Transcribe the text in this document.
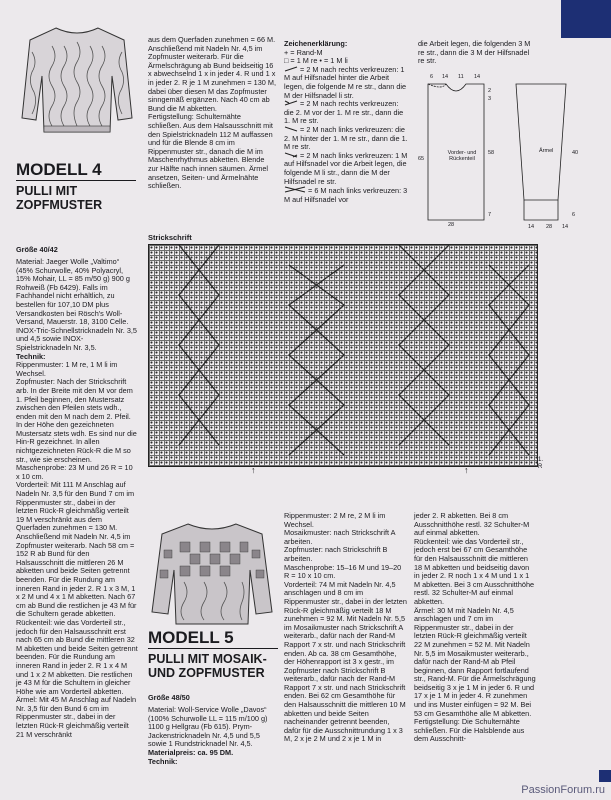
MODELL 4
PULLI MIT ZOPFMUSTER
Größe 40/42

Material: Jaeger Wolle „Valtimo“ (45% Schurwolle, 40% Polyacryl, 15% Mohair, LL = 85 m/50 g) 900 g Rohweiß (Fb 6429). Falls im Fachhandel nicht erhältlich, zu bestellen für 107,10 DM plus Versandkosten bei Rösch's Woll-Versand, Mauerstr. 18, 3100 Celle. INOX-Tric-Schnellstricknadeln Nr. 3,5 und 4,5 sowie INOX-Spielstricknadeln Nr. 3,5.

Technik:

Rippenmuster: 1 M re, 1 M li im Wechsel.

Zopfmuster: Nach der Strickschrift arb. In der Breite mit den M vor dem 1. Pfeil beginnen, den Mustersatz zwischen den Pfeilen stets wdh., enden mit den M nach dem 2. Pfeil. In der Höhe den gezeichneten Mustersatz stets wdh. Es sind nur die Hin-R gezeichnet. In allen nichtgezeichneten Rück-R die M so str., wie sie erscheinen.

Maschenprobe: 23 M und 26 R = 10 x 10 cm.

Vorderteil: Mit 111 M Anschlag auf Nadeln Nr. 3,5 für den Bund 7 cm im Rippenmuster str., dabei in der letzten Rück-R gleichmäßig verteilt 19 M verschränkt aus dem Querfaden zunehmen = 130 M. Anschließend mit Nadeln Nr. 4,5 im Zopfmuster weiterarb. Nach 58 cm = 152 R ab Bund für den Halsausschnitt die mittleren 26 M abketten und beide Seiten getrennt beenden. Für die Rundung am inneren Rand in jeder 2. R 1 x 3 M, 1 x 2 M und 4 x 1 M abketten. Nach 67 cm ab Bund die restlichen je 43 M für die Schultern gerade abketten.

Rückenteil: wie das Vorderteil str., jedoch für den Halsausschnitt erst nach 65 cm ab Bund die mittleren 32 M abketten und beide Seiten getrennt beenden. Für die Rundung am inneren Rand in jeder 2. R 1 x 4 M und 1 x 2 M abketten. Die restlichen je 43 M für die Schultern in gleicher Höhe wie am Vorderteil abketten.

Ärmel: Mit 45 M Anschlag auf Nadeln Nr. 3,5 für den Bund 6 cm im Rippenmuster str., dabei in der letzten Rück-R gleichmäßig verteilt 21 M verschränkt

aus dem Querfaden zunehmen = 66 M. Anschließend mit Nadeln Nr. 4,5 im Zopfmuster weiterarb. Für die Ärmelschrägung ab Bund beidseitig 16 x abwechselnd 1 x in jeder 4. R und 1 x in jeder 2. R je 1 M zunehmen = 130 M, dabei über diesen M das Zopfmuster sinngemäß ergänzen. Nach 40 cm ab Bund die M abketten.

Fertigstellung: Schulternähte schließen. Aus dem Halsausschnitt mit den Spielstricknadeln 112 M auffassen und für die Blende 8 cm im Rippenmuster str., danach die M im Maschenrhythmus abketten. Blende zur Hälfte nach innen säumen. Ärmel ansetzen, Seiten- und Ärmelnähte schließen.

Zeichenerklärung:

+ = Rand-M

□ = 1 M re • = 1 M li

= 2 M nach rechts verkreuzen: 1 M auf Hilfsnadel hinter die Arbeit legen, die folgende M re str., dann die M der Hilfsnadel li str.

= 2 M nach rechts verkreuzen: die 2. M vor der 1. M re str., dann die 1. M re str.

= 2 M nach links verkreuzen: die 2. M hinter der 1. M re str., dann die 1. M re str.

= 2 M nach links verkreuzen: 1 M auf Hilfsnadel vor die Arbeit legen, die folgende M li str., dann die M der Hilfsnadel re str.

= 6 M nach links verkreuzen: 3 M auf Hilfsnadel vor

die Arbeit legen, die folgenden 3 M re str., dann die 3 M der Hilfsnadel re str.
Vorder- und Rückenteil
Ärmel
6 14 11 14
2
3
65
58
7
28
40
6
14 28 14
Strickschrift
↑	↑
1.
R
MODELL 5
PULLI MIT MOSAIK- UND ZOPFMUSTER
Größe 48/50

Material: Woll-Service Wolle „Davos“ (100% Schurwolle LL = 115 m/100 g) 1100 g Hellgrau (Fb 615). Prym-Jackenstricknadeln Nr. 4,5 und 5,5 sowie 1 Rundstricknadel Nr. 4,5.

Materialpreis: ca. 95 DM.

Technik:

Rippenmuster: 2 M re, 2 M li im Wechsel.

Mosaikmuster: nach Strickschrift A arbeiten.

Zopfmuster: nach Strickschrift B arbeiten.

Maschenprobe: 15–16 M und 19–20 R = 10 x 10 cm.

Vorderteil: 74 M mit Nadeln Nr. 4,5 anschlagen und 8 cm im Rippenmuster str., dabei in der letzten Rück-R gleichmäßig verteilt 18 M zunehmen = 92 M. Mit Nadeln Nr. 5,5 im Mosaikmuster nach Strickschrift A weiterarb., dafür nach der Rand-M Rapport 7 x str. und nach Strickschrift enden. Ab ca. 38 cm Gesamthöhe, der Höhenrapport ist 3 x gestr., im Zopfmuster nach Strickschrift B weiterarb., dafür nach der Rand-M Rapport 7 x str. und nach Strickschrift enden. Bei 62 cm Gesamthöhe für den Halsausschnitt die mittleren 10 M abketten und beide Seiten nacheinander getrennt beenden, dafür für die Ausschnittrundung 1 x 3 M, 2 x je 2 M und 2 x je 1 M in

jeder 2. R abketten. Bei 8 cm Ausschnitthöhe restl. 32 Schulter-M auf einmal abketten.

Rückenteil: wie das Vorderteil str., jedoch erst bei 67 cm Gesamthöhe für den Halsausschnitt die mittleren 18 M abketten und beidseitig davon in jeder 2. R noch 1 x 4 M und 1 x 1 M abketten. Bei 3 cm Ausschnitthöhe restl. 32 Schulter-M auf einmal abketten.

Ärmel: 30 M mit Nadeln Nr. 4,5 anschlagen und 7 cm im Rippenmuster str., dabei in der letzten Rück-R gleichmäßig verteilt 22 M zunehmen = 52 M. Mit Nadeln Nr. 5,5 im Mosaikmuster weiterarb., dafür nach der Rand-M ab Pfeil beginnen, dann Rapport fortlaufend str., Rand-M. Für die Ärmelschrägung beidseitig 3 x je 1 M in jeder 6. R und 17 x je 1 M in jeder 4. R zunehmen und ins Muster einfügen = 92 M. Bei 53 cm Gesamthöhe alle M abketten.

Fertigstellung: Die Schulternähte schließen. Für die Halsblende aus dem Ausschnitt-

PassionForum.ru
